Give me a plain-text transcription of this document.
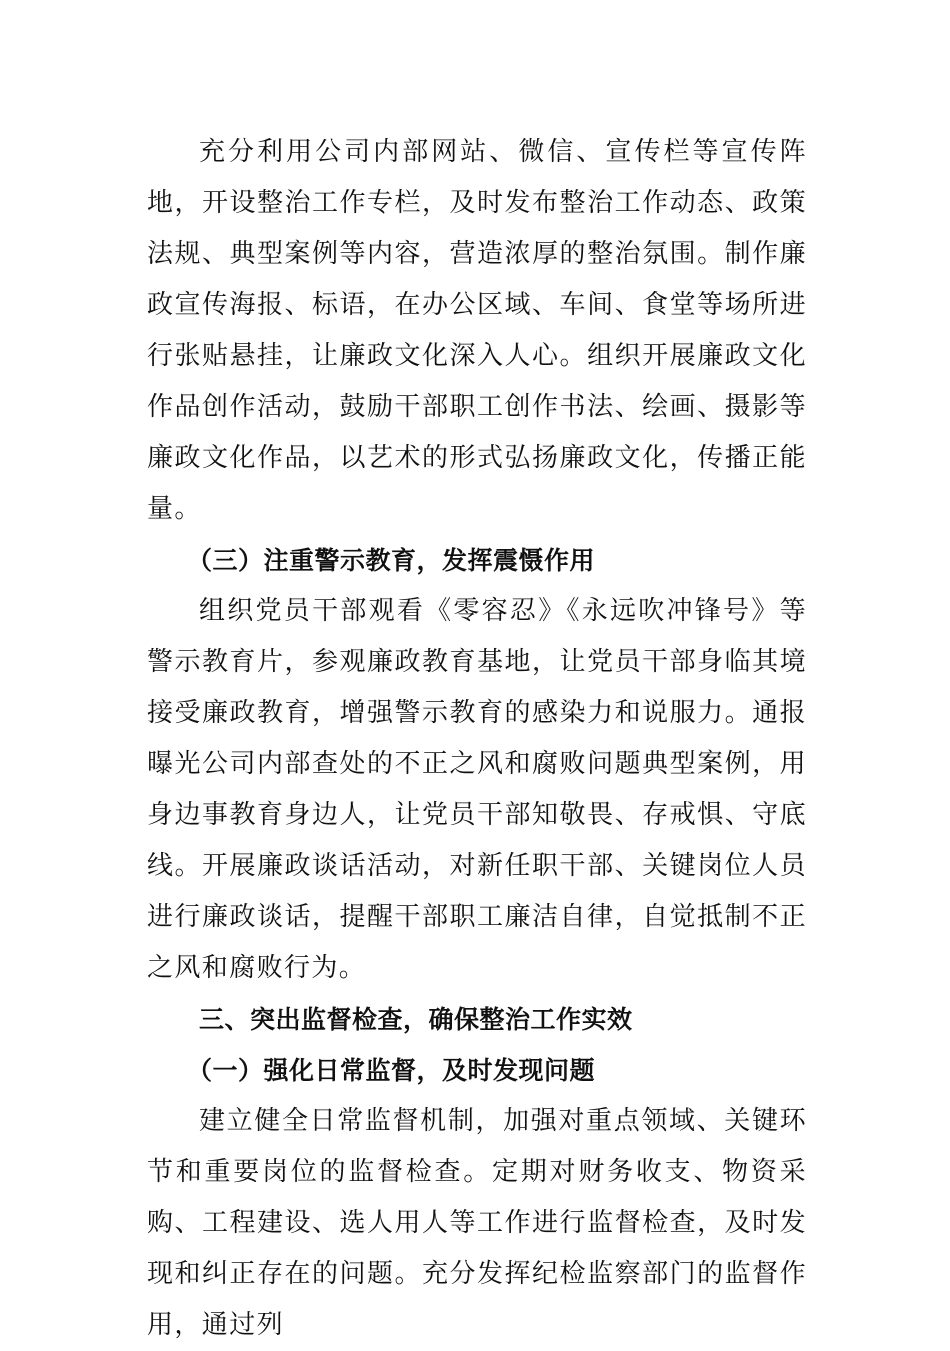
充分利用公司内部网站、微信、宣传栏等宣传阵地，开设整治工作专栏，及时发布整治工作动态、政策法规、典型案例等内容，营造浓厚的整治氛围。制作廉政宣传海报、标语，在办公区域、车间、食堂等场所进行张贴悬挂，让廉政文化深入人心。组织开展廉政文化作品创作活动，鼓励干部职工创作书法、绘画、摄影等廉政文化作品，以艺术的形式弘扬廉政文化，传播正能量。

（三）注重警示教育，发挥震慑作用

组织党员干部观看《零容忍》《永远吹冲锋号》等警示教育片，参观廉政教育基地，让党员干部身临其境接受廉政教育，增强警示教育的感染力和说服力。通报曝光公司内部查处的不正之风和腐败问题典型案例，用身边事教育身边人，让党员干部知敬畏、存戒惧、守底线。开展廉政谈话活动，对新任职干部、关键岗位人员进行廉政谈话，提醒干部职工廉洁自律，自觉抵制不正之风和腐败行为。

三、突出监督检查，确保整治工作实效

（一）强化日常监督，及时发现问题

建立健全日常监督机制，加强对重点领域、关键环节和重要岗位的监督检查。定期对财务收支、物资采购、工程建设、选人用人等工作进行监督检查，及时发现和纠正存在的问题。充分发挥纪检监察部门的监督作用，通过列
